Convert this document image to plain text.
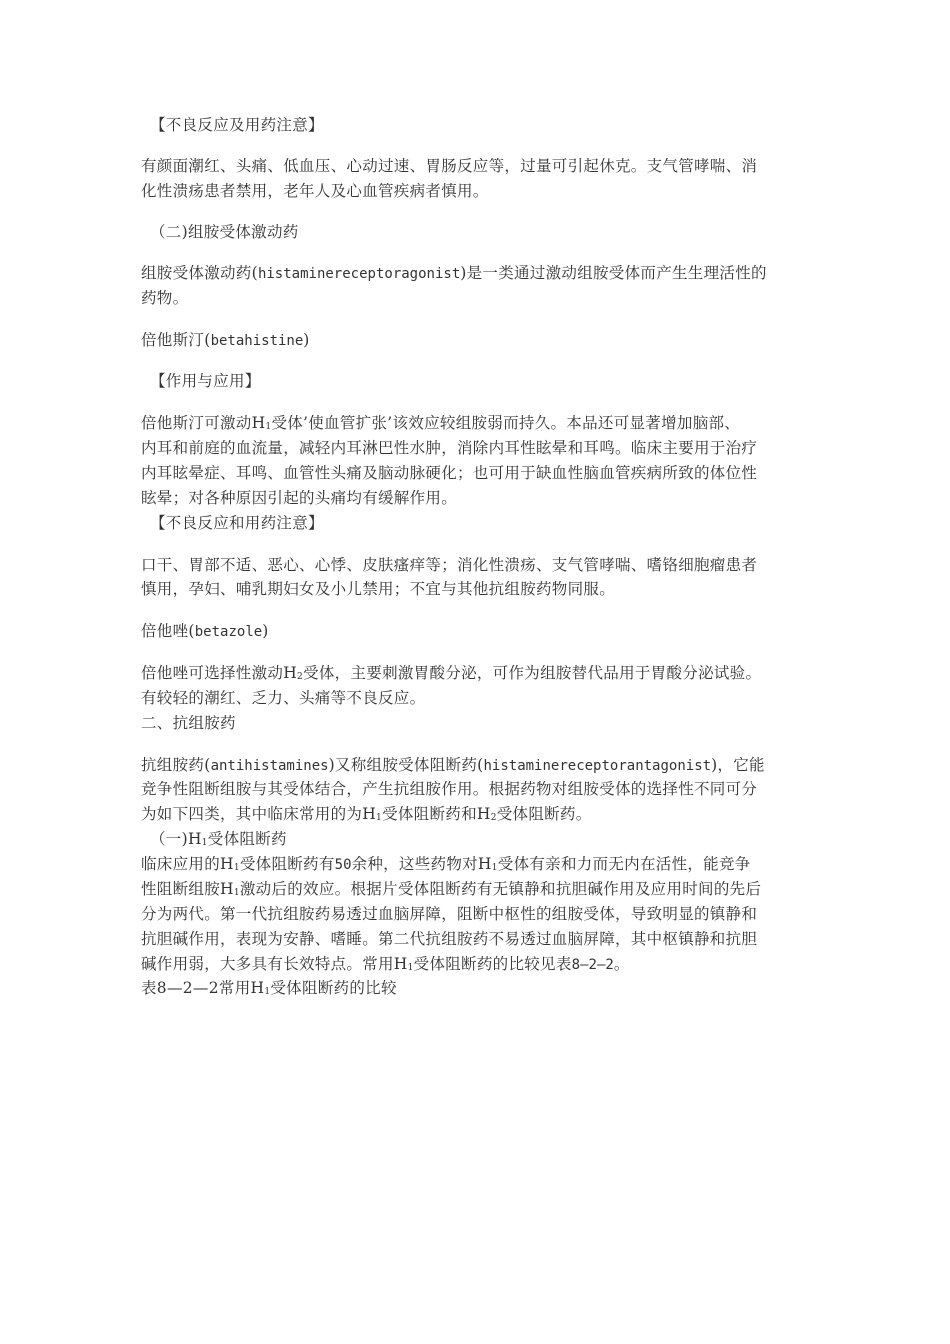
【不良反应及用药注意】
有颜面潮红、头痛、低血压、心动过速、胃肠反应等，过量可引起休克。支气管哮喘、消
化性溃疡患者禁用，老年人及心血管疾病者慎用。
（二)组胺受体激动药
组胺受体激动药(histaminereceptoragonist)是一类通过激动组胺受体而产生生理活性的
药物。
倍他斯汀(betahistine)
【作用与应用】
倍他斯汀可激动$H_1$受体’使血管扩张’该效应较组胺弱而持久。本品还可显著增加脑部、
内耳和前庭的血流量，减轻内耳淋巴性水肿，消除内耳性眩晕和耳鸣。临床主要用于治疗
内耳眩晕症、耳鸣、血管性头痛及脑动脉硬化；也可用于缺血性脑血管疾病所致的体位性
眩晕；对各种原因引起的头痛均有缓解作用。
【不良反应和用药注意】
口干、胃部不适、恶心、心悸、皮肤瘙痒等；消化性溃疡、支气管哮喘、嗜铬细胞瘤患者
慎用，孕妇、哺乳期妇女及小儿禁用；不宜与其他抗组胺药物同服。
倍他唑(betazole)
倍他唑可选择性激动$H_2$受体，主要刺激胃酸分泌，可作为组胺替代品用于胃酸分泌试验。
有较轻的潮红、乏力、头痛等不良反应。
二、抗组胺药
抗组胺药(antihistamines)又称组胺受体阻断药(histaminereceptorantagonist)，它能
竞争性阻断组胺与其受体结合，产生抗组胺作用。根据药物对组胺受体的选择性不同可分
为如下四类，其中临床常用的为$H_1$受体阻断药和$H_2$受体阻断药。
（一)$H_1$受体阻断药
临床应用的$H_1$受体阻断药有50余种，这些药物对$H_1$受体有亲和力而无内在活性，能竞争
性阻断组胺$H_1$激动后的效应。根据片受体阻断药有无镇静和抗胆碱作用及应用时间的先后
分为两代。第一代抗组胺药易透过血脑屏障，阻断中枢性的组胺受体，导致明显的镇静和
抗胆碱作用，表现为安静、嗜睡。第二代抗组胺药不易透过血脑屏障，其中枢镇静和抗胆
碱作用弱，大多具有长效特点。常用$H_1$受体阻断药的比较见表8—2—2。
表8—2—2常用$H_1$受体阻断药的比较
